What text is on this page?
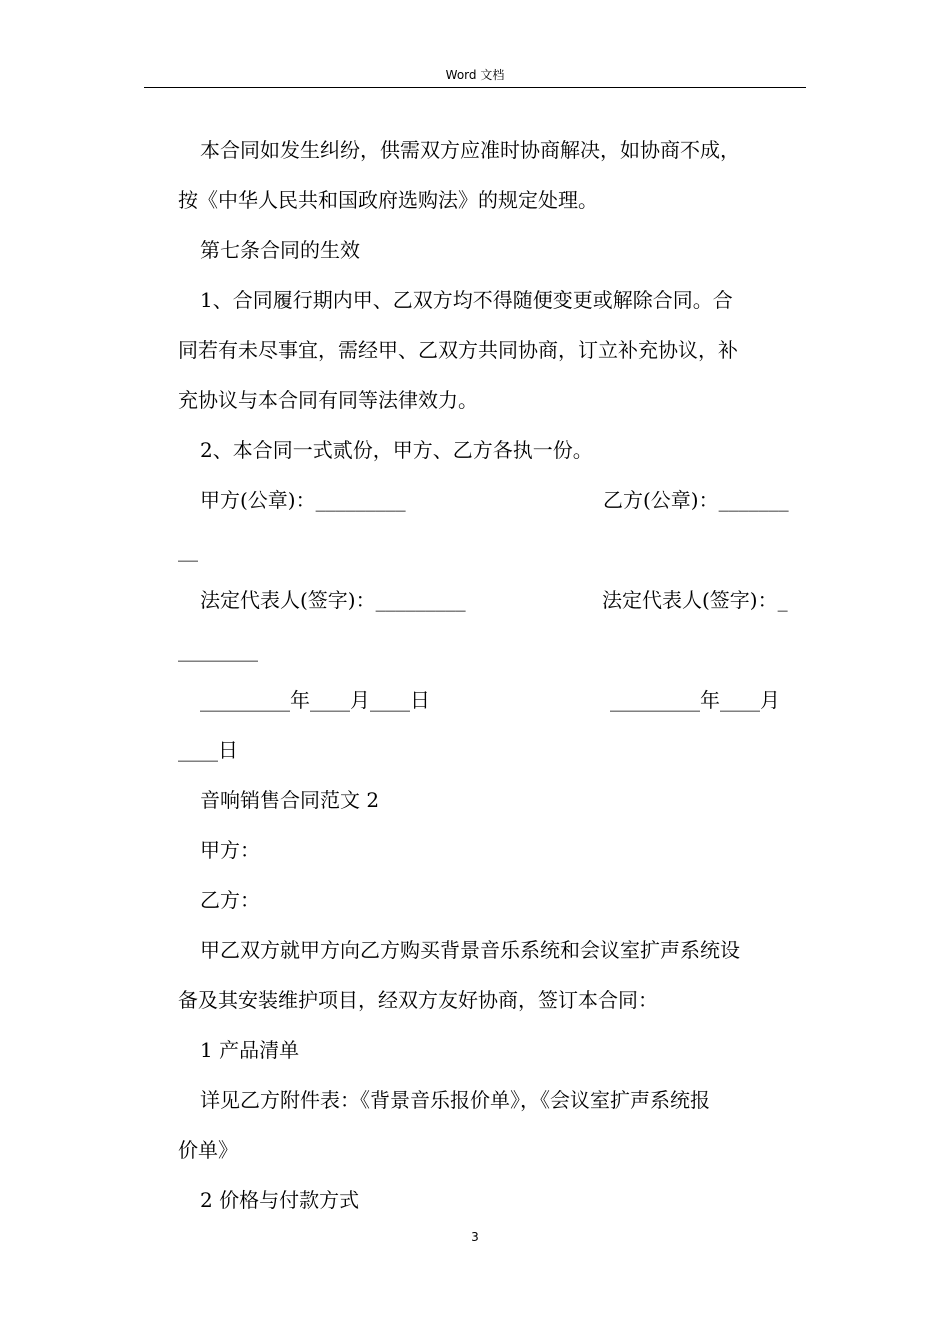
Word 文档
本合同如发生纠纷，供需双方应准时协商解决，如协商不成，
按《中华人民共和国政府选购法》的规定处理。
第七条合同的生效
1、合同履行期内甲、乙双方均不得随便变更或解除合同。合
同若有未尽事宜，需经甲、乙双方共同协商，订立补充协议，补
充协议与本合同有同等法律效力。
2、本合同一式贰份，甲方、乙方各执一份。
甲方(公章)：_________	乙方(公章)：_______
__
法定代表人(签字)：_________	法定代表人(签字)：_
________
_________年____月____日	_________年____月
____日
音响销售合同范文 2
甲方：
乙方：
甲乙双方就甲方向乙方购买背景音乐系统和会议室扩声系统设
备及其安装维护项目，经双方友好协商，签订本合同：
1 产品清单
详见乙方附件表：《背景音乐报价单》，《会议室扩声系统报
价单》
2 价格与付款方式
3
